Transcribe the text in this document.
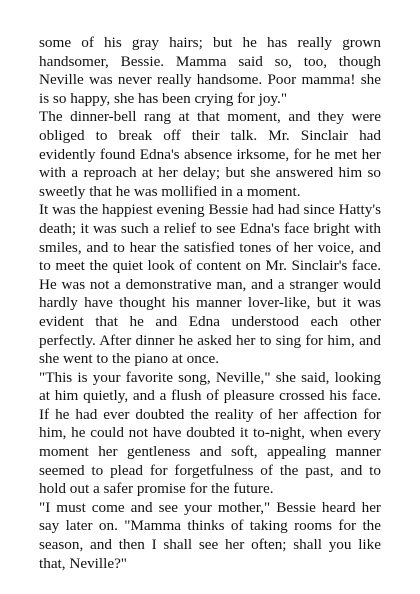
some of his gray hairs; but he has really grown handsomer, Bessie. Mamma said so, too, though Neville was never really handsome. Poor mamma! she is so happy, she has been crying for joy."

The dinner-bell rang at that moment, and they were obliged to break off their talk. Mr. Sinclair had evidently found Edna's absence irksome, for he met her with a reproach at her delay; but she answered him so sweetly that he was mollified in a moment.

It was the happiest evening Bessie had had since Hatty's death; it was such a relief to see Edna's face bright with smiles, and to hear the satisfied tones of her voice, and to meet the quiet look of content on Mr. Sinclair's face. He was not a demonstrative man, and a stranger would hardly have thought his manner lover-like, but it was evident that he and Edna understood each other perfectly. After dinner he asked her to sing for him, and she went to the piano at once.

"This is your favorite song, Neville," she said, looking at him quietly, and a flush of pleasure crossed his face. If he had ever doubted the reality of her affection for him, he could not have doubted it to-night, when every moment her gentleness and soft, appealing manner seemed to plead for forgetfulness of the past, and to hold out a safer promise for the future.

"I must come and see your mother," Bessie heard her say later on. "Mamma thinks of taking rooms for the season, and then I shall see her often; shall you like that, Neville?"
